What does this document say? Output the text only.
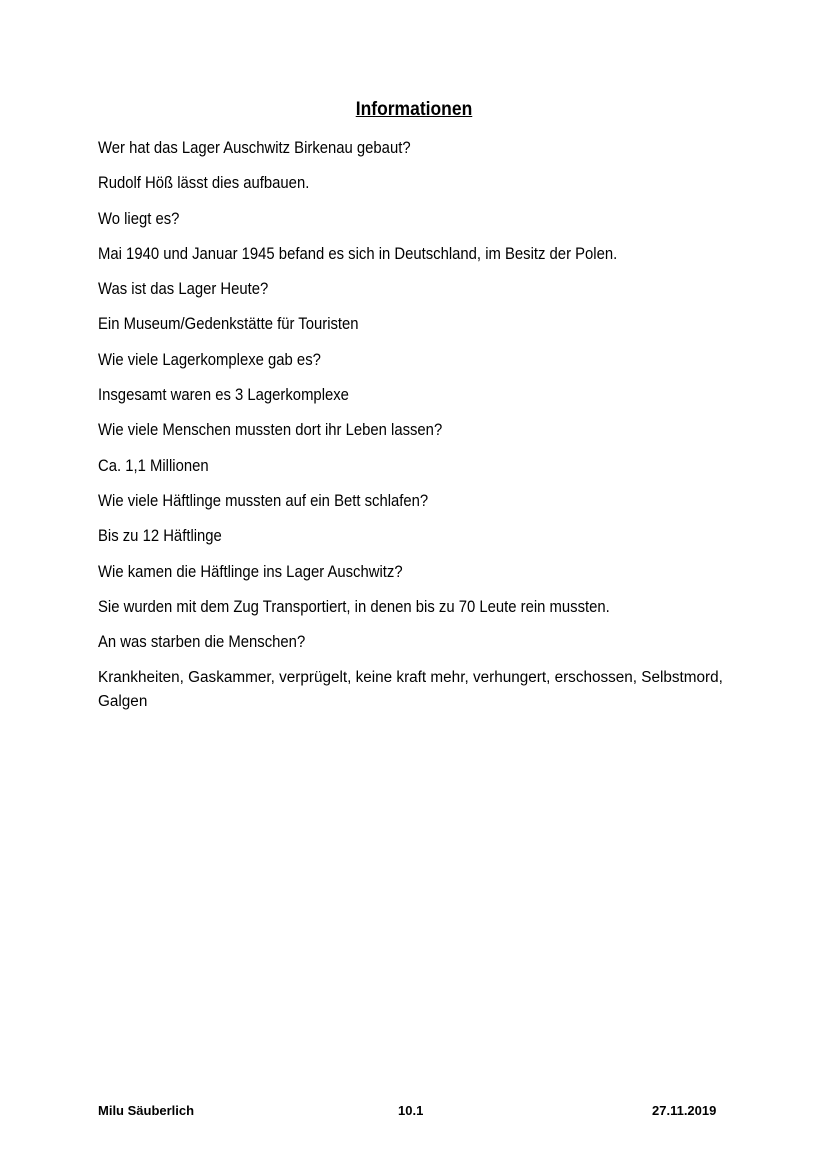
Informationen
Wer hat das Lager Auschwitz Birkenau gebaut?
Rudolf Höß lässt dies aufbauen.
Wo liegt es?
Mai 1940 und Januar 1945 befand es sich in Deutschland, im Besitz der Polen.
Was ist das Lager Heute?
Ein Museum/Gedenkstätte für Touristen
Wie viele Lagerkomplexe gab es?
Insgesamt waren es 3 Lagerkomplexe
Wie viele Menschen mussten dort ihr Leben lassen?
Ca. 1,1 Millionen
Wie viele Häftlinge mussten auf ein Bett schlafen?
Bis zu 12 Häftlinge
Wie kamen die Häftlinge ins Lager Auschwitz?
Sie wurden mit dem Zug Transportiert, in denen bis zu 70 Leute rein mussten.
An was starben die Menschen?
Krankheiten, Gaskammer, verprügelt, keine kraft mehr, verhungert, erschossen, Selbstmord, Galgen
Milu Säuberlich	10.1	27.11.2019
